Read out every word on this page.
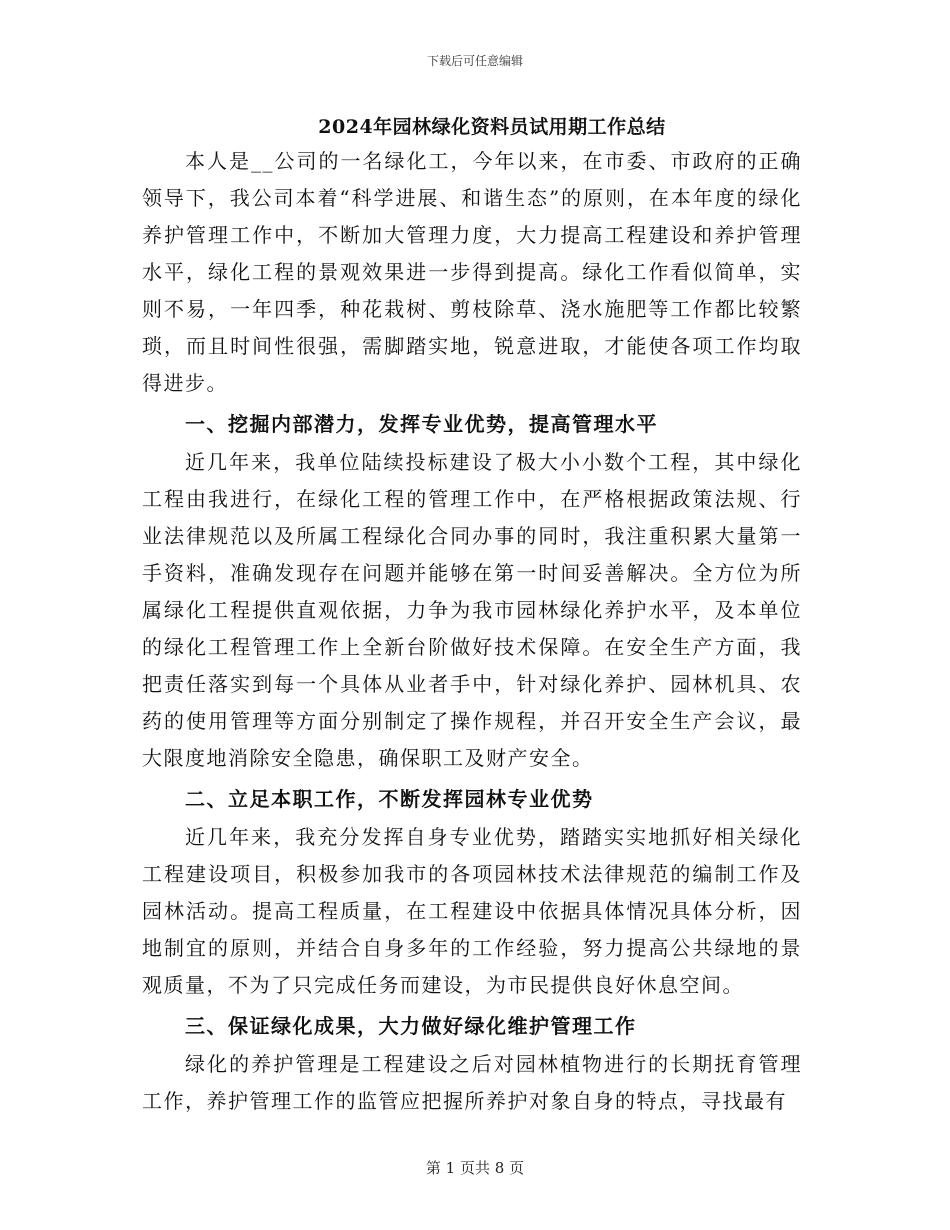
下载后可任意编辑
2024年园林绿化资料员试用期工作总结

本人是__公司的一名绿化工，今年以来，在市委、市政府的正确领导下，我公司本着“科学进展、和谐生态”的原则，在本年度的绿化养护管理工作中，不断加大管理力度，大力提高工程建设和养护管理水平，绿化工程的景观效果进一步得到提高。绿化工作看似简单，实则不易，一年四季，种花栽树、剪枝除草、浇水施肥等工作都比较繁琐，而且时间性很强，需脚踏实地，锐意进取，才能使各项工作均取得进步。

一、挖掘内部潜力，发挥专业优势，提高管理水平

近几年来，我单位陆续投标建设了极大小小数个工程，其中绿化工程由我进行，在绿化工程的管理工作中，在严格根据政策法规、行业法律规范以及所属工程绿化合同办事的同时，我注重积累大量第一手资料，准确发现存在问题并能够在第一时间妥善解决。全方位为所属绿化工程提供直观依据，力争为我市园林绿化养护水平，及本单位的绿化工程管理工作上全新台阶做好技术保障。在安全生产方面，我把责任落实到每一个具体从业者手中，针对绿化养护、园林机具、农药的使用管理等方面分别制定了操作规程，并召开安全生产会议，最大限度地消除安全隐患，确保职工及财产安全。

二、立足本职工作，不断发挥园林专业优势

近几年来，我充分发挥自身专业优势，踏踏实实地抓好相关绿化工程建设项目，积极参加我市的各项园林技术法律规范的编制工作及园林活动。提高工程质量，在工程建设中依据具体情况具体分析，因地制宜的原则，并结合自身多年的工作经验，努力提高公共绿地的景观质量，不为了只完成任务而建设，为市民提供良好休息空间。

三、保证绿化成果，大力做好绿化维护管理工作

绿化的养护管理是工程建设之后对园林植物进行的长期抚育管理工作，养护管理工作的监管应把握所养护对象自身的特点，寻找最有

第 1 页共 8 页
